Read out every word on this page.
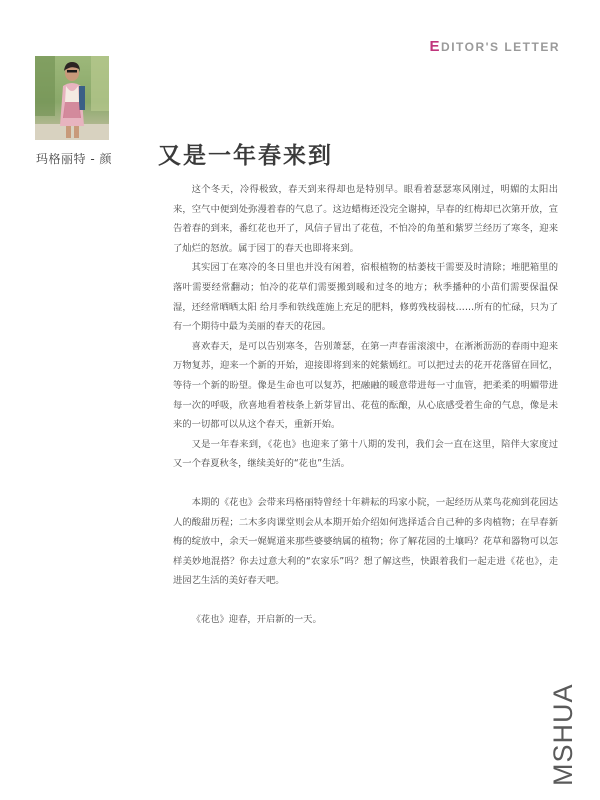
EDITOR'S LETTER
玛格丽特 - 颜 又是一年春来到

这个冬天，冷得极致，春天到来得却也是特别早。眼看着瑟瑟寒风刚过，明媚的太阳出来，空气中便到处弥漫着春的气息了。这边蜡梅还没完全谢掉，早春的红梅却已次第开放，宣告着春的到来，番红花也开了，风信子冒出了花苞，不怕冷的角堇和紫罗兰经历了寒冬，迎来了灿烂的怒放。属于园丁的春天也即将来到。

其实园丁在寒冷的冬日里也并没有闲着，宿根植物的枯萎枝干需要及时清除；堆肥箱里的落叶需要经常翻动；怕冷的花草们需要搬到暖和过冬的地方；秋季播种的小苗们需要保温保湿，还经常晒晒太阳 给月季和铁线莲施上充足的肥料，修剪残枝弱枝……所有的忙碌，只为了有一个期待中最为美丽的春天的花园。

喜欢春天，是可以告别寒冬，告别萧瑟，在第一声春雷滚滚中，在淅淅沥沥的春雨中迎来万物复苏，迎来一个新的开始，迎接即将到来的姹紫嫣红。可以把过去的花开花落留在回忆，等待一个新的盼望。像是生命也可以复苏，把融融的暖意带进每一寸血管，把柔柔的明媚带进每一次的呼吸，欣喜地看着枝条上新芽冒出、花苞的酝酿，从心底感受着生命的气息，像是未来的一切都可以从这个春天，重新开始。

又是一年春来到，《花也》也迎来了第十八期的发刊，我们会一直在这里，陪伴大家度过又一个春夏秋冬，继续美好的“花也”生活。

本期的《花也》会带来玛格丽特曾经十年耕耘的玛家小院，一起经历从菜鸟花痴到花园达人的酸甜历程；二木多肉课堂则会从本期开始介绍如何选择适合自己种的多肉植物；在早春新梅的绽放中，余天一娓娓道来那些婆婆纳属的植物；你了解花园的土壤吗？花草和器物可以怎样美妙地混搭？你去过意大利的“农家乐”吗？想了解这些，快跟着我们一起走进《花也》，走进园艺生活的美好春天吧。

《花也》迎春，开启新的一天。

MSHUA
